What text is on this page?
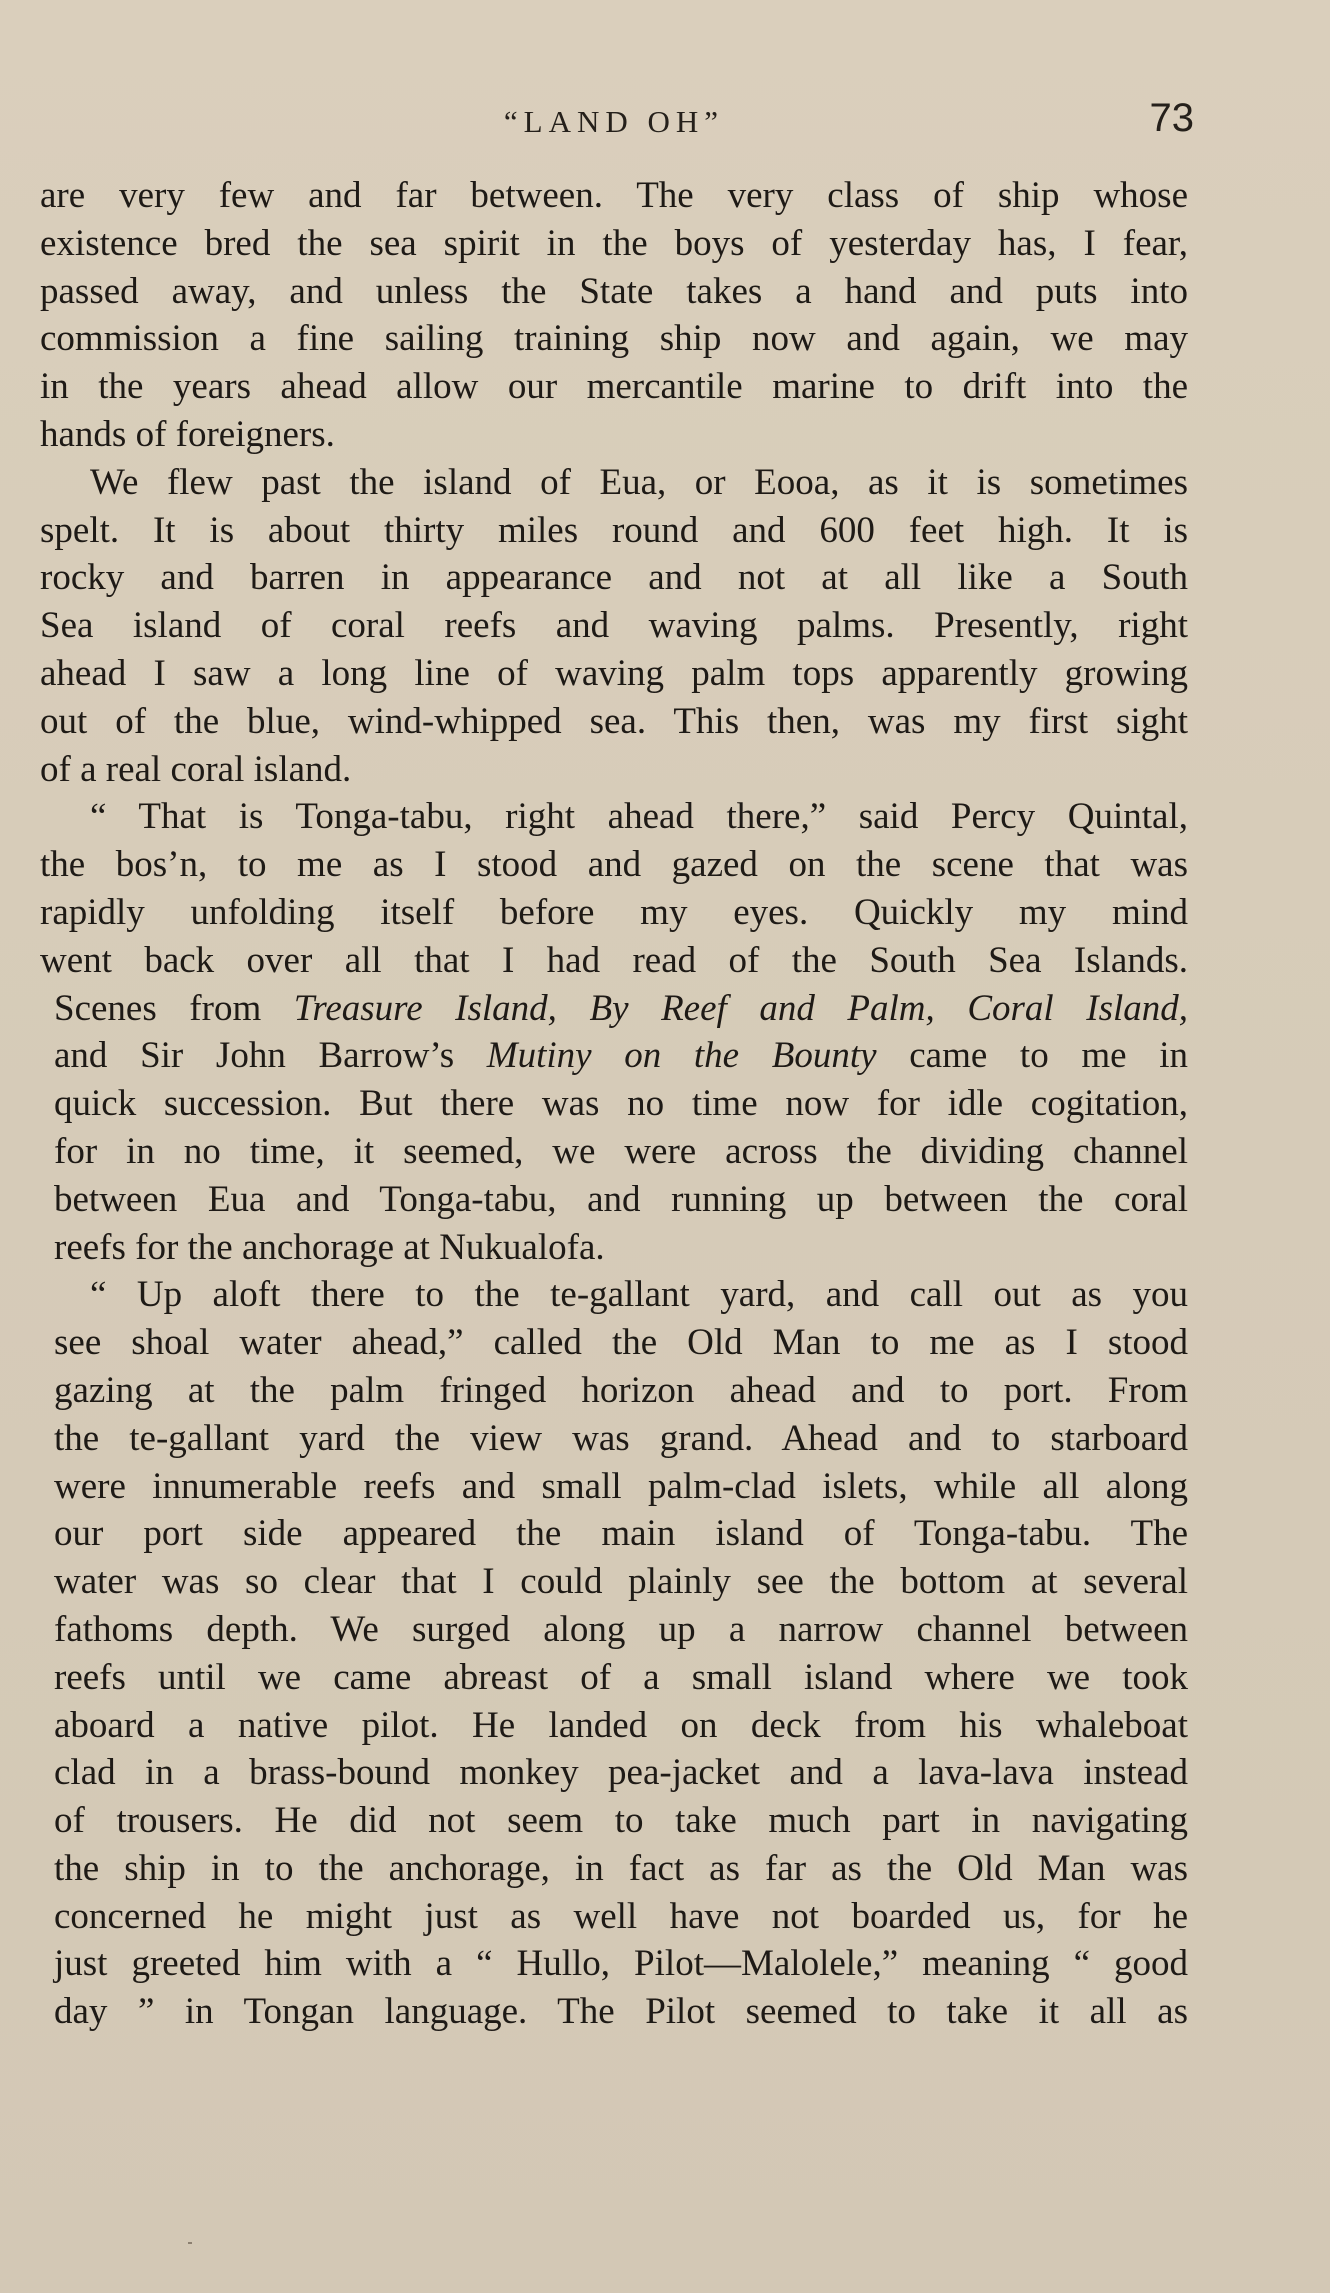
“LAND OH”	73
are very few and far between. The very class of ship whose
existence bred the sea spirit in the boys of yesterday has, I fear,
passed away, and unless the State takes a hand and puts into
commission a fine sailing training ship now and again, we may
in the years ahead allow our mercantile marine to drift into the
hands of foreigners.
We flew past the island of Eua, or Eooa, as it is sometimes
spelt. It is about thirty miles round and 600 feet high. It is
rocky and barren in appearance and not at all like a South
Sea island of coral reefs and waving palms. Presently, right
ahead I saw a long line of waving palm tops apparently growing
out of the blue, wind-whipped sea. This then, was my first sight
of a real coral island.
“ That is Tonga-tabu, right ahead there,” said Percy Quintal,
the bos’n, to me as I stood and gazed on the scene that was
rapidly unfolding itself before my eyes. Quickly my mind
went back over all that I had read of the South Sea Islands.
Scenes from Treasure Island, By Reef and Palm, Coral Island,
and Sir John Barrow’s Mutiny on the Bounty came to me in
quick succession. But there was no time now for idle cogitation,
for in no time, it seemed, we were across the dividing channel
between Eua and Tonga-tabu, and running up between the coral
reefs for the anchorage at Nukualofa.
“ Up aloft there to the te-gallant yard, and call out as you
see shoal water ahead,” called the Old Man to me as I stood
gazing at the palm fringed horizon ahead and to port. From
the te-gallant yard the view was grand. Ahead and to starboard
were innumerable reefs and small palm-clad islets, while all along
our port side appeared the main island of Tonga-tabu. The
water was so clear that I could plainly see the bottom at several
fathoms depth. We surged along up a narrow channel between
reefs until we came abreast of a small island where we took
aboard a native pilot. He landed on deck from his whaleboat
clad in a brass-bound monkey pea-jacket and a lava-lava instead
of trousers. He did not seem to take much part in navigating
the ship in to the anchorage, in fact as far as the Old Man was
concerned he might just as well have not boarded us, for he
just greeted him with a “ Hullo, Pilot—Malolele,” meaning “ good
day ” in Tongan language. The Pilot seemed to take it all as
